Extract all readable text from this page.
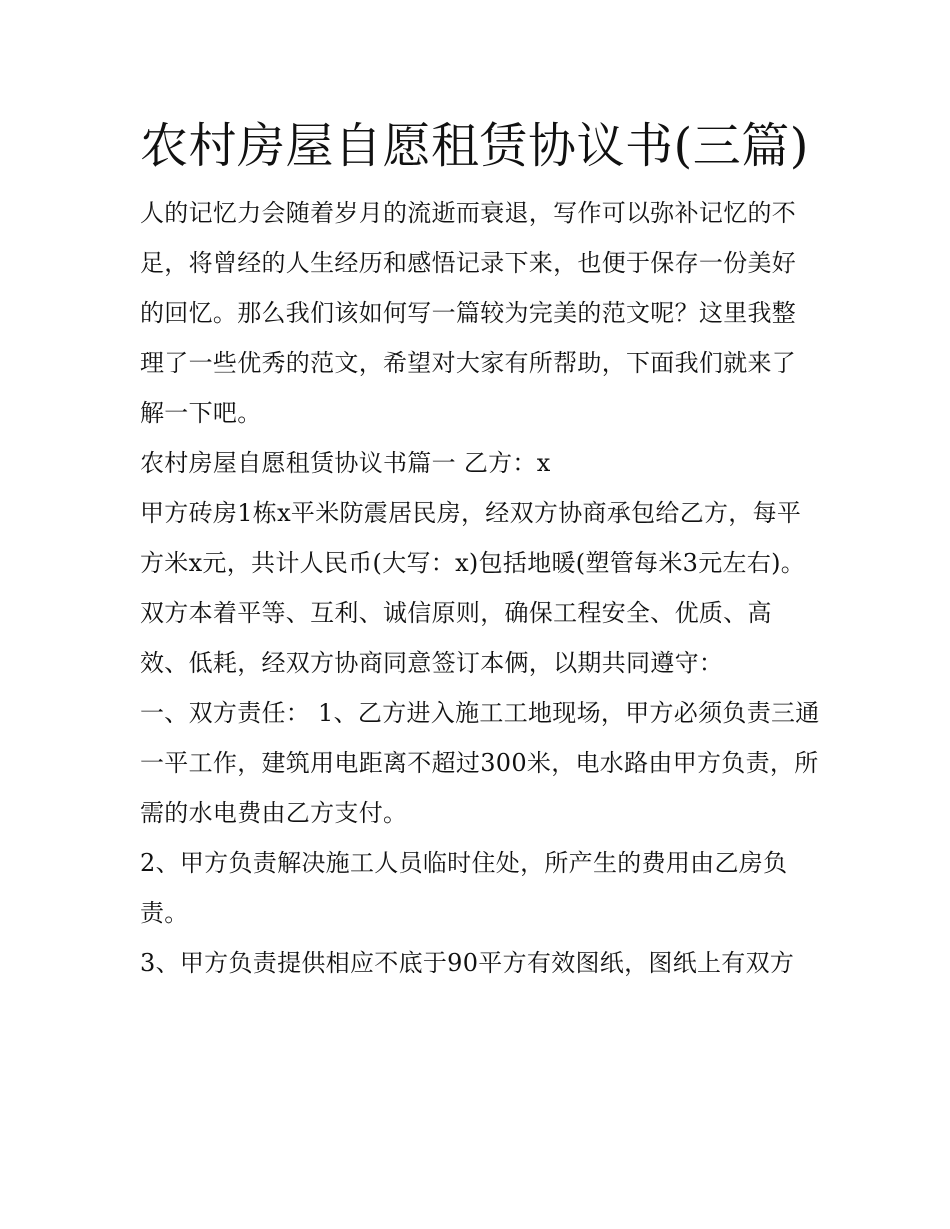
农村房屋自愿租赁协议书(三篇)

人的记忆力会随着岁月的流逝而衰退，写作可以弥补记忆的不足，将曾经的人生经历和感悟记录下来，也便于保存一份美好的回忆。那么我们该如何写一篇较为完美的范文呢？这里我整理了一些优秀的范文，希望对大家有所帮助，下面我们就来了解一下吧。

农村房屋自愿租赁协议书篇一 乙方：x

甲方砖房1栋x平米防震居民房，经双方协商承包给乙方，每平方米x元，共计人民币(大写：x)包括地暖(塑管每米3元左右)。双方本着平等、互利、诚信原则，确保工程安全、优质、高效、低耗，经双方协商同意签订本俩，以期共同遵守：

一、双方责任： 1、乙方进入施工工地现场，甲方必须负责三通一平工作，建筑用电距离不超过300米，电水路由甲方负责，所需的水电费由乙方支付。

2、甲方负责解决施工人员临时住处，所产生的费用由乙房负责。

3、甲方负责提供相应不底于90平方有效图纸，图纸上有双方
